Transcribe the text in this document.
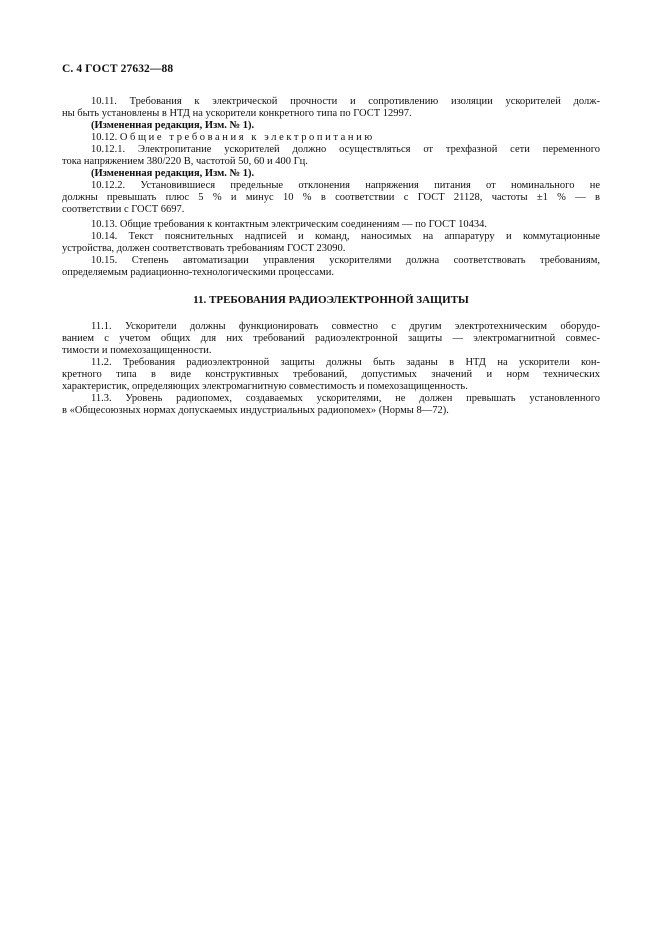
С. 4 ГОСТ 27632—88
10.11. Требования к электрической прочности и сопротивлению изоляции ускорителей долж-
ны быть установлены в НТД на ускорители конкретного типа по ГОСТ 12997.
(Измененная редакция, Изм. № 1).
10.12. Общие требования к электропитанию
10.12.1. Электропитание ускорителей должно осуществляться от трехфазной сети переменного
тока напряжением 380/220 В, частотой 50, 60 и 400 Гц.
(Измененная редакция, Изм. № 1).
10.12.2. Установившиеся предельные отклонения напряжения питания от номинального не
должны превышать плюс 5 % и минус 10 % в соответствии с ГОСТ 21128, частоты ±1 % — в
соответствии с ГОСТ 6697.
10.13. Общие требования к контактным электрическим соединениям — по ГОСТ 10434.
10.14. Текст пояснительных надписей и команд, наносимых на аппаратуру и коммутационные
устройства, должен соответствовать требованиям ГОСТ 23090.
10.15. Степень автоматизации управления ускорителями должна соответствовать требованиям,
определяемым радиационно-технологическими процессами.
11. ТРЕБОВАНИЯ РАДИОЭЛЕКТРОННОЙ ЗАЩИТЫ
11.1. Ускорители должны функционировать совместно с другим электротехническим оборудо-
ванием с учетом общих для них требований радиоэлектронной защиты — электромагнитной совмес-
тимости и помехозащищенности.
11.2. Требования радиоэлектронной защиты должны быть заданы в НТД на ускорители кон-
кретного типа в виде конструктивных требований, допустимых значений и норм технических
характеристик, определяющих электромагнитную совместимость и помехозащищенность.
11.3. Уровень радиопомех, создаваемых ускорителями, не должен превышать установленного
в «Общесоюзных нормах допускаемых индустриальных радиопомех» (Нормы 8—72).
